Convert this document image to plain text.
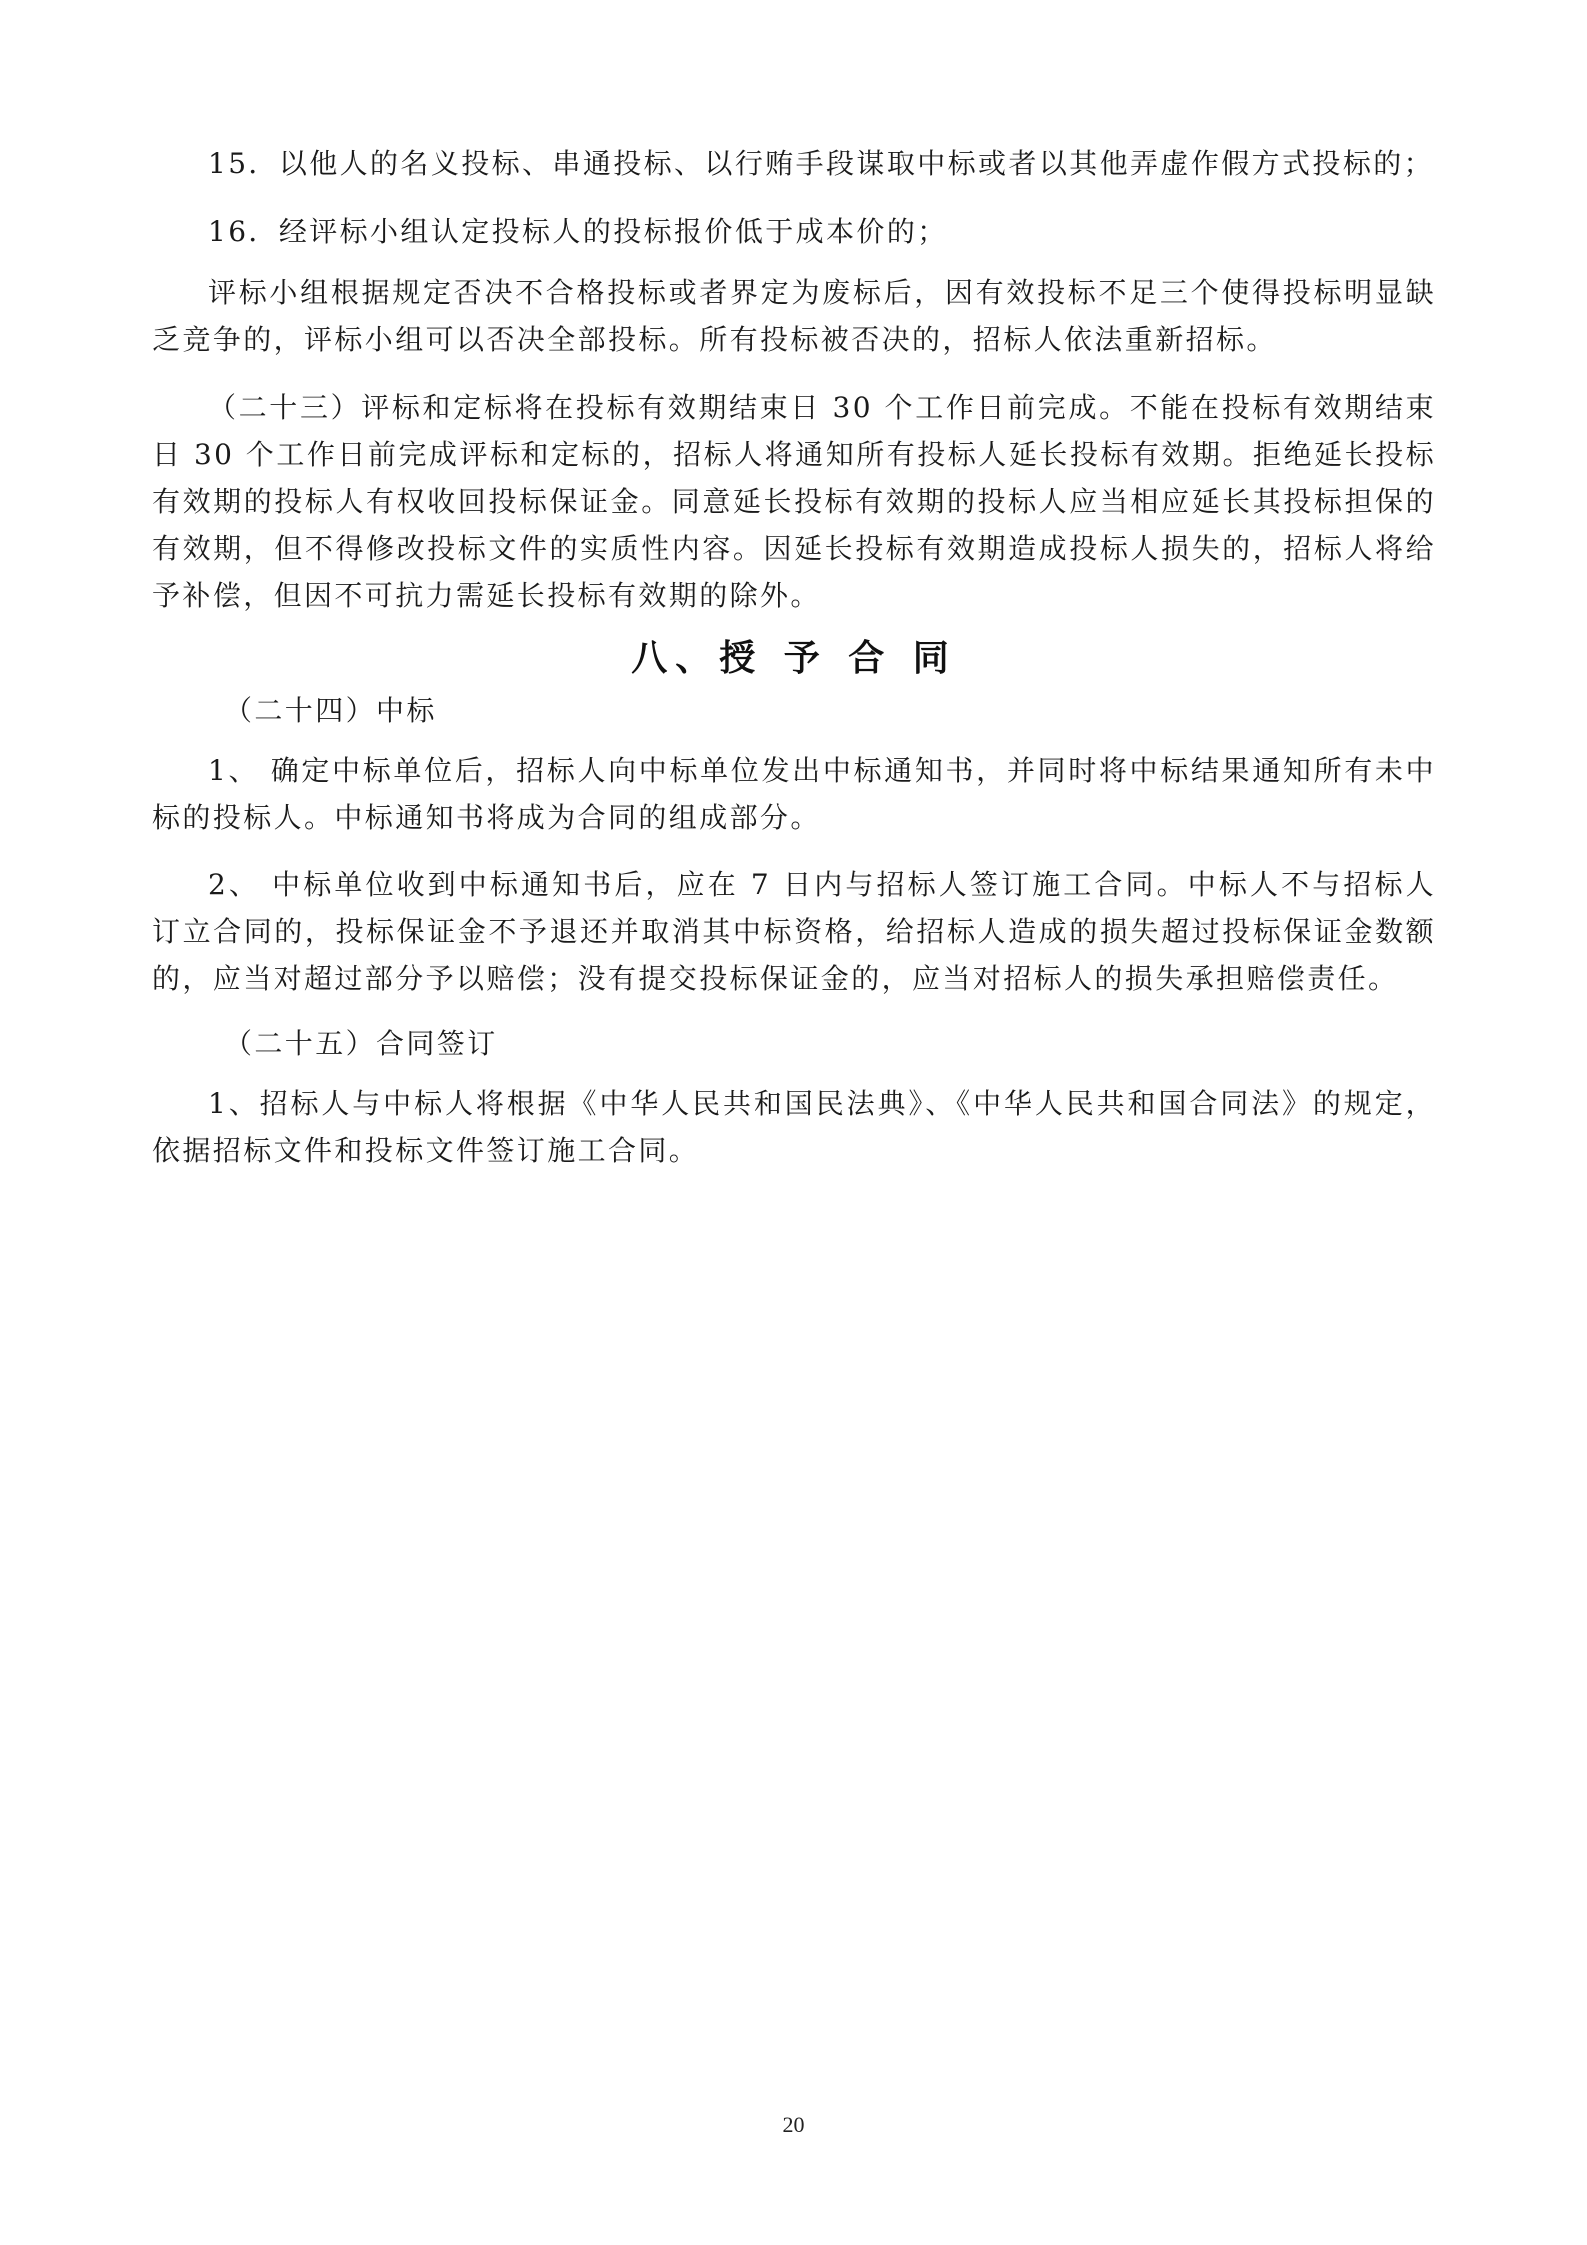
15．以他人的名义投标、串通投标、以行贿手段谋取中标或者以其他弄虚作假方式投标的；

16．经评标小组认定投标人的投标报价低于成本价的；

评标小组根据规定否决不合格投标或者界定为废标后，因有效投标不足三个使得投标明显缺乏竞争的，评标小组可以否决全部投标。所有投标被否决的，招标人依法重新招标。

（二十三）评标和定标将在投标有效期结束日 30 个工作日前完成。不能在投标有效期结束日 30 个工作日前完成评标和定标的，招标人将通知所有投标人延长投标有效期。拒绝延长投标有效期的投标人有权收回投标保证金。同意延长投标有效期的投标人应当相应延长其投标担保的有效期，但不得修改投标文件的实质性内容。因延长投标有效期造成投标人损失的，招标人将给予补偿，但因不可抗力需延长投标有效期的除外。

八、授 予 合 同
（二十四）中标

1、 确定中标单位后，招标人向中标单位发出中标通知书，并同时将中标结果通知所有未中标的投标人。中标通知书将成为合同的组成部分。

2、 中标单位收到中标通知书后，应在 7 日内与招标人签订施工合同。中标人不与招标人订立合同的，投标保证金不予退还并取消其中标资格，给招标人造成的损失超过投标保证金数额的，应当对超过部分予以赔偿；没有提交投标保证金的，应当对招标人的损失承担赔偿责任。

（二十五）合同签订

1、招标人与中标人将根据《中华人民共和国民法典》、《中华人民共和国合同法》的规定，依据招标文件和投标文件签订施工合同。

20
